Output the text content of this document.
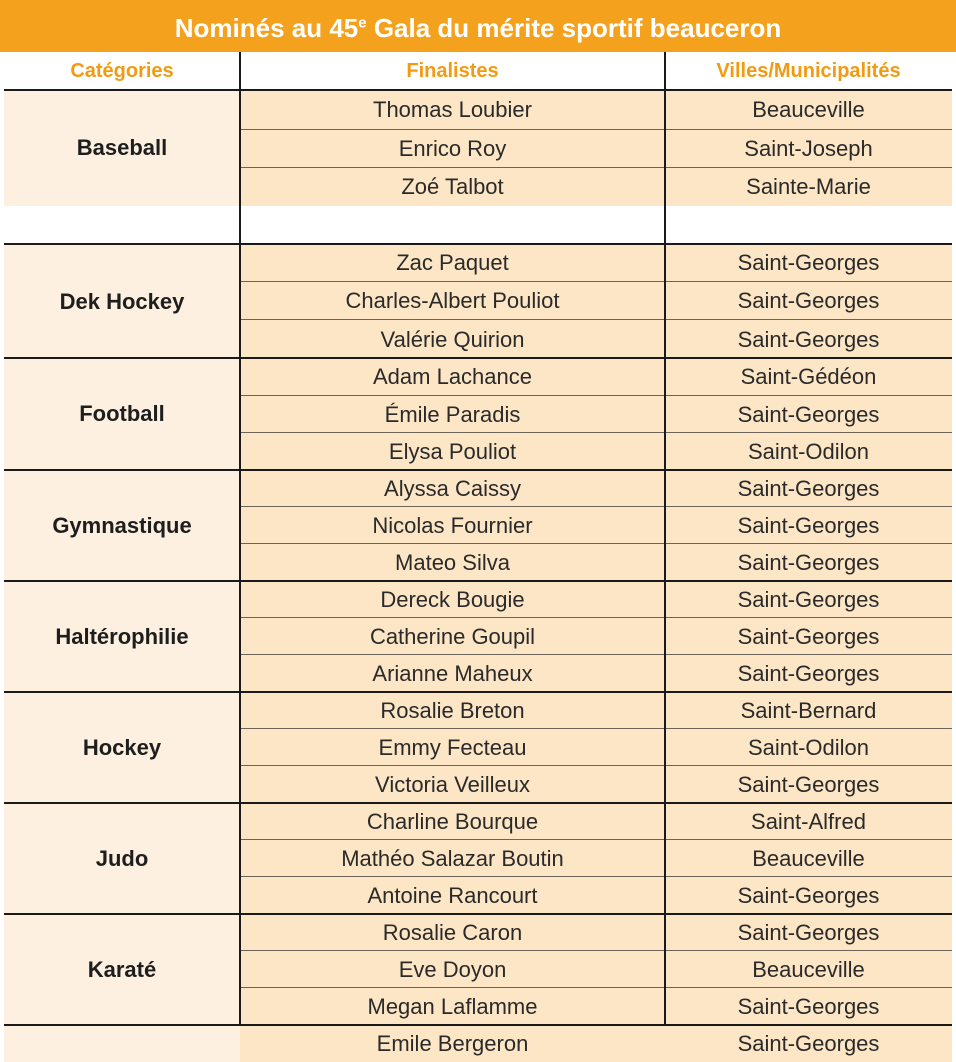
Nominés au 45e Gala du mérite sportif beauceron
Catégories	Finalistes	Villes/Municipalités
Baseball
Thomas Loubier	Beauceville
Enrico Roy	Saint-Joseph
Zoé Talbot	Sainte-Marie
Dek Hockey
Zac Paquet	Saint-Georges
Charles-Albert Pouliot	Saint-Georges
Valérie Quirion	Saint-Georges
Football
Adam Lachance	Saint-Gédéon
Émile Paradis	Saint-Georges
Elysa Pouliot	Saint-Odilon
Gymnastique
Alyssa Caissy	Saint-Georges
Nicolas Fournier	Saint-Georges
Mateo Silva	Saint-Georges
Haltérophilie
Dereck Bougie	Saint-Georges
Catherine Goupil	Saint-Georges
Arianne Maheux	Saint-Georges
Hockey
Rosalie Breton	Saint-Bernard
Emmy Fecteau	Saint-Odilon
Victoria Veilleux	Saint-Georges
Judo
Charline Bourque	Saint-Alfred
Mathéo Salazar Boutin	Beauceville
Antoine Rancourt	Saint-Georges
Karaté
Rosalie Caron	Saint-Georges
Eve Doyon	Beauceville
Megan Laflamme	Saint-Georges
Emile Bergeron	Saint-Georges
